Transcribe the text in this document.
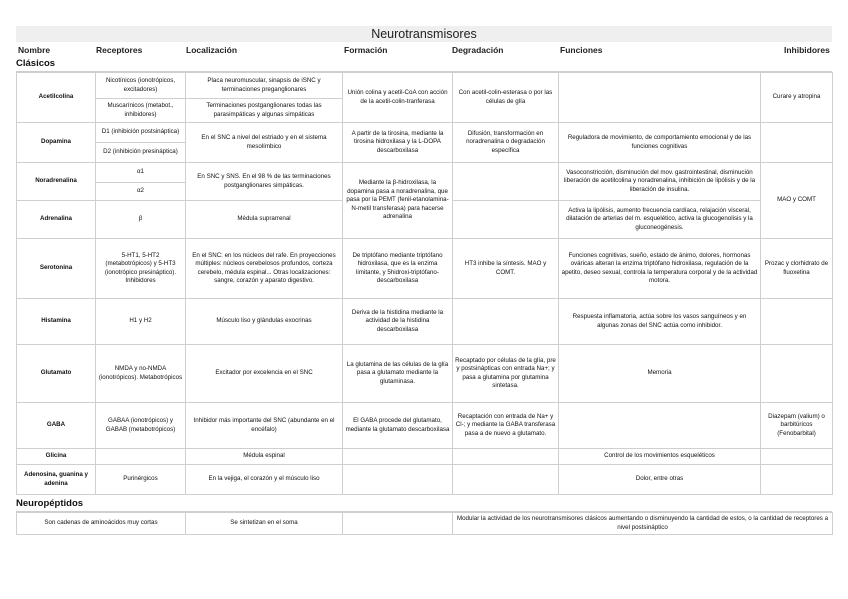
Neurotransmisores
Nombre	Receptores	Localización	Formación	Degradación	Funciones	Inhibidores
Clásicos
Acetilcolina	Nicotínicos (ionotrópicos, excitadores)	Placa neuromuscular, sinapsis de iSNC y terminaciones preganglionares	Unión colina y acetil-CoA con acción de la acetil-colin-tranferasa	Con acetil-colin-esterasa o por las células de glía		Curare y atropina
	Muscarínicos (metabot., inhibidores)	Terminaciones postganglionares todas las parasimpáticas y algunas simpáticas				
Dopamina	D1 (inhibición postsináptica)	En el SNC a nivel del estriado y en el sistema mesolímbico	A partir de la tirosina, mediante la tirosina hidroxilasa y la L-DOPA descarboxilasa	Difusión, transformación en noradrenalina o degradación específica	Reguladora de movimiento, de comportamiento emocional y de las funciones cognitivas	
	D2 (inhibición presináptica)					
Noradrenalina	α1	En SNC y SNS. En el 98 % de las terminaciones postganglionares simpáticas.	Mediante la β-hidroxilasa, la dopamina pasa a noradrenalina, que pasa por la PEMT (fenil-etanolamina-N-metil transferasa) para hacerse adrenalina		Vasoconstricción, disminución del mov. gastrointestinal, disminución liberación de acetilcolina y noradrenalina, inhibición de lipólisis y de la liberación de insulina.	MAO y COMT
	α2					
Adrenalina	β	Médula suprarrenal			Activa la lipólisis, aumento frecuencia cardíaca, relajación visceral, dilatación de arterias del m. esquelético, activa la glucogenolisis y la gluconeogénesis.	
Serotonina	5-HT1, 5-HT2 (metabotrópicos) y 5-HT3 (ionotrópico presináptico). Inhibidores	En el SNC: en los núcleos del rafe. En proyecciones múltiples: núcleos cerebelosos profundos, corteza cerebelo, médula espinal... Otras localizaciones: sangre, corazón y aparato digestivo.	De triptófano mediante triptófano hidroxilasa, que es la enzima limitante, y 5hidroxi-triptófano-descarboxilasa	HT3 inhibe la síntesis. MAO y COMT.	Funciones cognitivas, sueño, estado de ánimo, dolores, hormonas ováricas alteran la enzima triptófano hidroxilasa, regulación de la apetito, deseo sexual, controla la temperatura corporal y de la actividad motora.	Prozac y clorhidrato de fluoxetina
Histamina	H1 y H2	Músculo liso y glándulas exocrinas	Deriva de la histidina mediante la actividad de la histidina descarboxilasa		Respuesta inflamatoria, actúa sobre los vasos sanguíneos y en algunas zonas del SNC actúa como inhibidor.	
Glutamato	NMDA y no-NMDA (ionotrópicos). Metabotrópicos	Excitador por excelencia en el SNC	La glutamina de las células de la glía pasa a glutamato mediante la glutaminasa.	Recaptado por células de la glía, pre y postsinápticas con entrada Na+; y pasa a glutamina por glutamina sintetasa.	Memoria	
GABA	GABAA (ionotrópicos) y GABAB (metabotrópicos)	Inhibidor más importante del SNC (abundante en el encéfalo)	El GABA procede del glutamato, mediante la glutamato descarboxilasa	Recaptación con entrada de Na+ y Cl-; y mediante la GABA transferasa pasa a de nuevo a glutamato.		Diazepam (valium) o barbitúricos (Fenobarbital)
Glicina		Médula espinal			Control de los movimientos esqueléticos	
Adenosina, guanina y adenina	Purinérgicos	En la vejiga, el corazón y el músculo liso			Dolor, entre otras	
Neuropéptidos
Son cadenas de aminoácidos muy cortas	Se sintetizan en el soma		Modular la actividad de los neurotransmisores clásicos aumentando o disminuyendo la cantidad de estos, o la cantidad de receptores a nivel postsináptico
